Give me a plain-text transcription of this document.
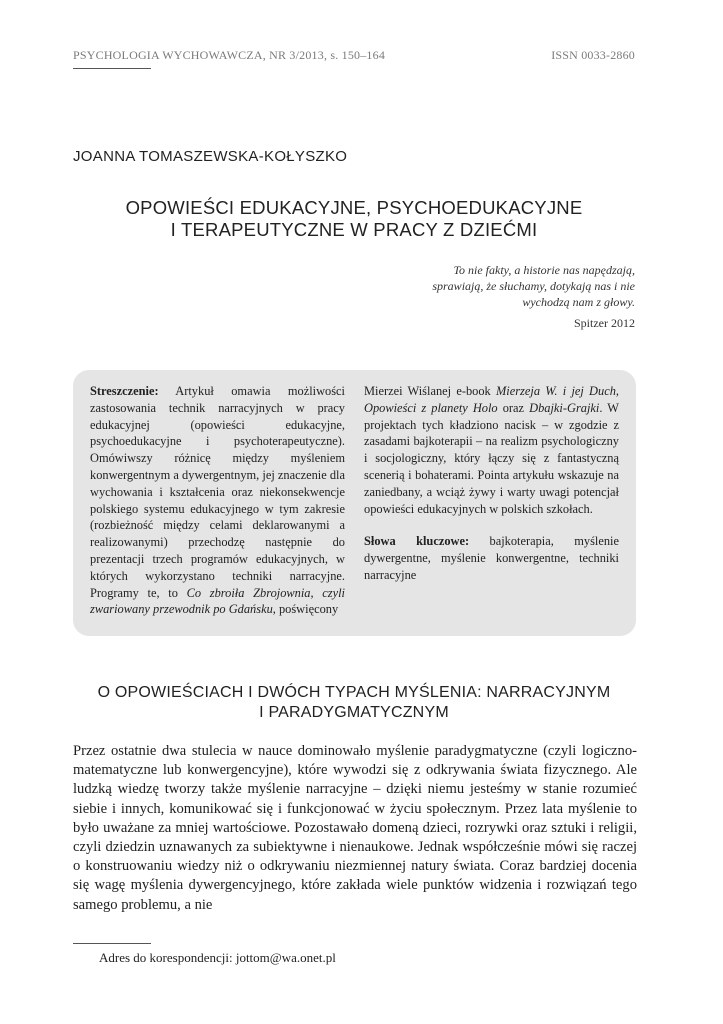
PSYCHOLOGIA WYCHOWAWCZA, NR 3/2013, s. 150–164	ISSN 0033-2860
JOANNA TOMASZEWSKA-KOŁYSZKO
OPOWIEŚCI EDUKACYJNE, PSYCHOEDUKACYJNE
I TERAPEUTYCZNE W PRACY Z DZIEĆMI
To nie fakty, a historie nas napędzają, sprawiają, że słuchamy, dotykają nas i nie wychodzą nam z głowy.
Spitzer 2012

Streszczenie: Artykuł omawia możliwości zastosowania technik narracyjnych w pracy edukacyjnej (opowieści edukacyjne, psychoedukacyjne i psychoterapeutyczne). Omówiwszy różnicę między myśleniem konwergentnym a dywergentnym, jej znaczenie dla wychowania i kształcenia oraz niekonsekwencje polskiego systemu edukacyjnego w tym zakresie (rozbieżność między celami deklarowanymi a realizowanymi) przechodzę następnie do prezentacji trzech programów edukacyjnych, w których wykorzystano techniki narracyjne. Programy te, to Co zbroiła Zbrojownia, czyli zwariowany przewodnik po Gdańsku, poświęcony

Mierzei Wiślanej e-book Mierzeja W. i jej Duch, Opowieści z planety Holo oraz Dbajki-Grajki. W projektach tych kładziono nacisk – w zgodzie z zasadami bajkoterapii – na realizm psychologiczny i socjologiczny, który łączy się z fantastyczną scenerią i bohaterami. Pointa artykułu wskazuje na zaniedbany, a wciąż żywy i warty uwagi potencjał opowieści edukacyjnych w polskich szkołach.

Słowa kluczowe: bajkoterapia, myślenie dywergentne, myślenie konwergentne, techniki narracyjne

O OPOWIEŚCIACH I DWÓCH TYPACH MYŚLENIA: NARRACYJNYM
I PARADYGMATYCZNYM

Przez ostatnie dwa stulecia w nauce dominowało myślenie paradygmatyczne (czyli logiczno-matematyczne lub konwergencyjne), które wywodzi się z odkrywania świata fizycznego. Ale ludzką wiedzę tworzy także myślenie narracyjne – dzięki niemu jesteśmy w stanie rozumieć siebie i innych, komunikować się i funkcjonować w życiu społecznym. Przez lata myślenie to było uważane za mniej wartościowe. Pozostawało domeną dzieci, rozrywki oraz sztuki i religii, czyli dziedzin uznawanych za subiektywne i nienaukowe. Jednak współcześnie mówi się raczej o konstruowaniu wiedzy niż o odkrywaniu niezmiennej natury świata. Coraz bardziej docenia się wagę myślenia dywergencyjnego, które zakłada wiele punktów widzenia i rozwiązań tego samego problemu, a nie

Adres do korespondencji: jottom@wa.onet.pl
